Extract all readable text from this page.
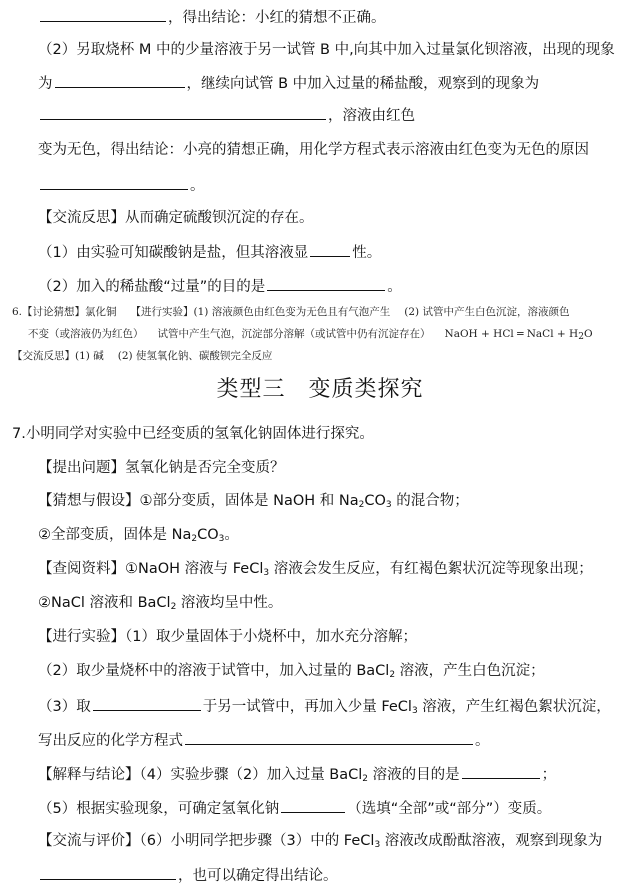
，得出结论：小红的猜想不正确。
（2）另取烧杯 M 中的少量溶液于另一试管 B 中,向其中加入过量氯化钡溶液，出现的现象
为	，继续向试管 B 中加入过量的稀盐酸，观察到的现象为
，溶液由红色
变为无色，得出结论：小亮的猜想正确，用化学方程式表示溶液由红色变为无色的原因
。
【交流反思】从而确定硫酸钡沉淀的存在。
（1）由实验可知碳酸钠是盐，但其溶液显	性。
（2）加入的稀盐酸“过量”的目的是	。
6.【讨论猜想】氯化铜 【进行实验】(1) 溶液颜色由红色变为无色且有气泡产生 (2) 试管中产生白色沉淀，溶液颜色
不变（或溶液仍为红色） 试管中产生气泡，沉淀部分溶解（或试管中仍有沉淀存在） NaOH + HCl ═ NaCl + $H_2O$
【交流反思】(1) 碱 (2) 使氢氧化钠、碳酸钡完全反应
类型三　变质类探究
7.小明同学对实验中已经变质的氢氧化钠固体进行探究。
【提出问题】氢氧化钠是否完全变质？
【猜想与假设】①部分变质，固体是 NaOH 和 $Na_2CO_3$ 的混合物；
②全部变质，固体是 $Na_2CO_3$。
【查阅资料】①NaOH 溶液与 FeCl$_3$ 溶液会发生反应，有红褐色絮状沉淀等现象出现；
②NaCl 溶液和 BaCl$_2$ 溶液均呈中性。
【进行实验】（1）取少量固体于小烧杯中，加水充分溶解；
（2）取少量烧杯中的溶液于试管中，加入过量的 BaCl$_2$ 溶液，产生白色沉淀；
（3）取	于另一试管中，再加入少量 FeCl$_3$ 溶液，产生红褐色絮状沉淀，
写出反应的化学方程式	。
【解释与结论】（4）实验步骤（2）加入过量 BaCl$_2$ 溶液的目的是	；
（5）根据实验现象，可确定氢氧化钠	（选填“全部”或“部分”）变质。
【交流与评价】（6）小明同学把步骤（3）中的 FeCl$_3$ 溶液改成酚酞溶液，观察到现象为
，也可以确定得出结论。
